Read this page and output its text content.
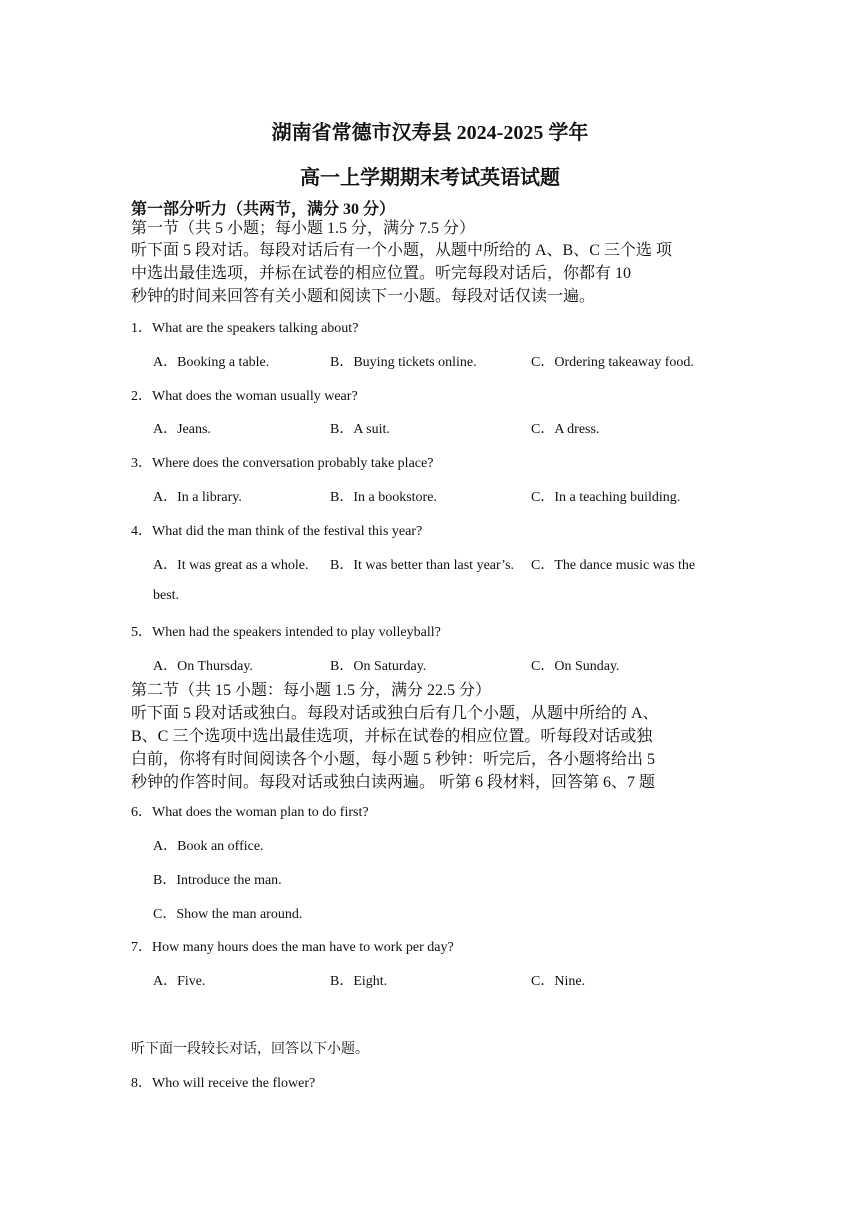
湖南省常德市汉寿县 2024-2025 学年
高一上学期期末考试英语试题
第一部分听力（共两节，满分 30 分）
第一节（共 5 小题；每小题 1.5 分，满分 7.5 分）
听下面 5 段对话。每段对话后有一个小题，从题中所给的 A、B、C 三个选 项
中选出最佳选项，并标在试卷的相应位置。听完每段对话后，你都有 10
秒钟的时间来回答有关小题和阅读下一小题。每段对话仅读一遍。
1．What are the speakers talking about?
A．Booking a table.	B．Buying tickets online.	C．Ordering takeaway food.
2．What does the woman usually wear?
A．Jeans.	B．A suit.	C．A dress.
3．Where does the conversation probably take place?
A．In a library.	B．In a bookstore.	C．In a teaching building.
4．What did the man think of the festival this year?
A．It was great as a whole. B．It was better than last year’s. C．The dance music was the
best.
5．When had the speakers intended to play volleyball?
A．On Thursday.	B．On Saturday.	C．On Sunday.
第二节（共 15 小题：每小题 1.5 分，满分 22.5 分）
听下面 5 段对话或独白。每段对话或独白后有几个小题，从题中所给的 A、
B、C 三个选项中选出最佳选项，并标在试卷的相应位置。听每段对话或独
白前，你将有时间阅读各个小题，每小题 5 秒钟：听完后，各小题将给出 5
秒钟的作答时间。每段对话或独白读两遍。 听第 6 段材料，回答第 6、7 题
6．What does the woman plan to do first?
A．Book an office.
B．Introduce the man.
C．Show the man around.
7．How many hours does the man have to work per day?
A．Five.	B．Eight.	C．Nine.
听下面一段较长对话，回答以下小题。
8．Who will receive the flower?
